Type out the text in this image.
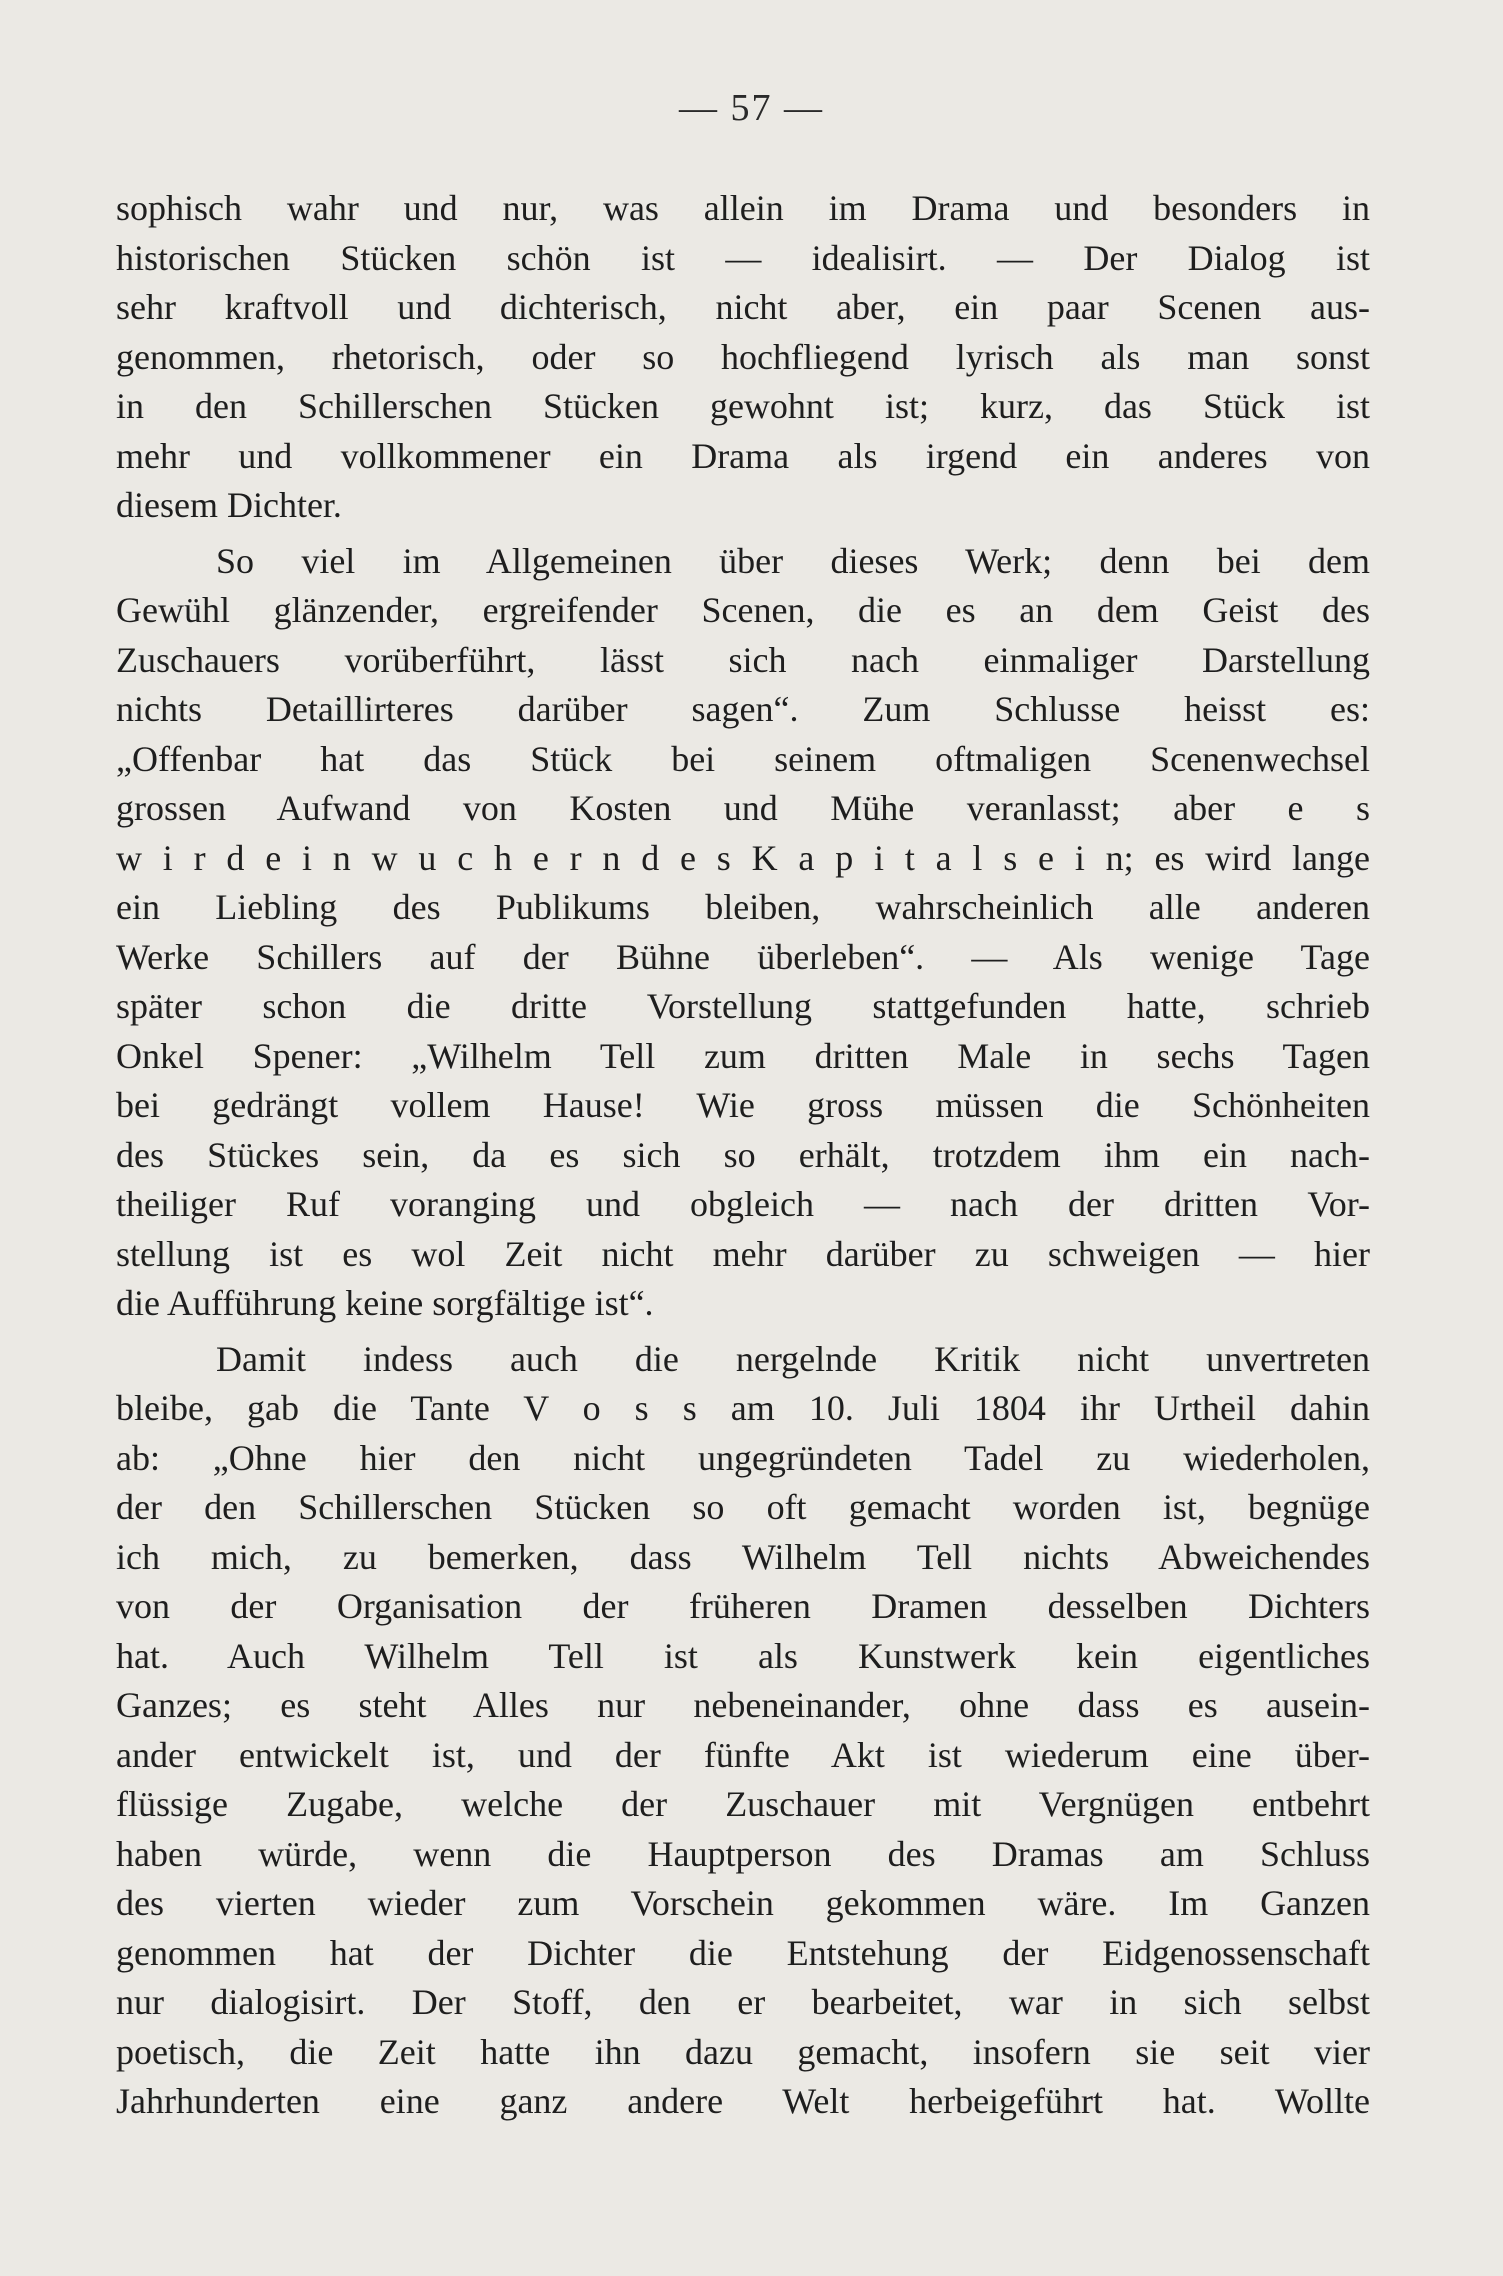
— 57 —
sophisch wahr und nur, was allein im Drama und besonders in
historischen Stücken schön ist — idealisirt. — Der Dialog ist
sehr kraftvoll und dichterisch, nicht aber, ein paar Scenen aus-
genommen, rhetorisch, oder so hochfliegend lyrisch als man sonst
in den Schillerschen Stücken gewohnt ist; kurz, das Stück ist
mehr und vollkommener ein Drama als irgend ein anderes von
diesem Dichter.
So viel im Allgemeinen über dieses Werk; denn bei dem
Gewühl glänzender, ergreifender Scenen, die es an dem Geist des
Zuschauers vorüberführt, lässt sich nach einmaliger Darstellung
nichts Detaillirteres darüber sagen“. Zum Schlusse heisst es:
„Offenbar hat das Stück bei seinem oftmaligen Scenenwechsel
grossen Aufwand von Kosten und Mühe veranlasst; aber e s
w i r d e i n w u c h e r n d e s K a p i t a l s e i n; es wird lange
ein Liebling des Publikums bleiben, wahrscheinlich alle anderen
Werke Schillers auf der Bühne überleben“. — Als wenige Tage
später schon die dritte Vorstellung stattgefunden hatte, schrieb
Onkel Spener: „Wilhelm Tell zum dritten Male in sechs Tagen
bei gedrängt vollem Hause! Wie gross müssen die Schönheiten
des Stückes sein, da es sich so erhält, trotzdem ihm ein nach-
theiliger Ruf voranging und obgleich — nach der dritten Vor-
stellung ist es wol Zeit nicht mehr darüber zu schweigen — hier
die Aufführung keine sorgfältige ist“.
Damit indess auch die nergelnde Kritik nicht unvertreten
bleibe, gab die Tante V o s s am 10. Juli 1804 ihr Urtheil dahin
ab: „Ohne hier den nicht ungegründeten Tadel zu wiederholen,
der den Schillerschen Stücken so oft gemacht worden ist, begnüge
ich mich, zu bemerken, dass Wilhelm Tell nichts Abweichendes
von der Organisation der früheren Dramen desselben Dichters
hat. Auch Wilhelm Tell ist als Kunstwerk kein eigentliches
Ganzes; es steht Alles nur nebeneinander, ohne dass es ausein-
ander entwickelt ist, und der fünfte Akt ist wiederum eine über-
flüssige Zugabe, welche der Zuschauer mit Vergnügen entbehrt
haben würde, wenn die Hauptperson des Dramas am Schluss
des vierten wieder zum Vorschein gekommen wäre. Im Ganzen
genommen hat der Dichter die Entstehung der Eidgenossenschaft
nur dialogisirt. Der Stoff, den er bearbeitet, war in sich selbst
poetisch, die Zeit hatte ihn dazu gemacht, insofern sie seit vier
Jahrhunderten eine ganz andere Welt herbeigeführt hat. Wollte
